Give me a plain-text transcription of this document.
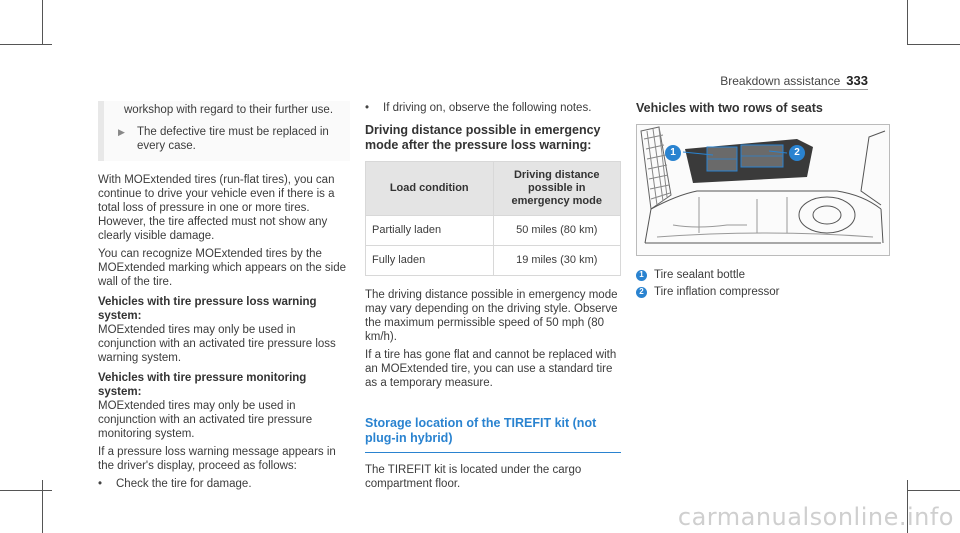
Breakdown assistance 333
workshop with regard to their further use.
▶ The defective tire must be replaced in every case.

With MOExtended tires (run-flat tires), you can continue to drive your vehicle even if there is a total loss of pressure in one or more tires. However, the tire affected must not show any clearly visible damage.

You can recognize MOExtended tires by the MOExtended marking which appears on the side wall of the tire.

Vehicles with tire pressure loss warning system:

MOExtended tires may only be used in conjunction with an activated tire pressure loss warning system.

Vehicles with tire pressure monitoring system:

MOExtended tires may only be used in conjunction with an activated tire pressure monitoring system.

If a pressure loss warning message appears in the driver's display, proceed as follows:

•	Check the tire for damage.
•	If driving on, observe the following notes.
Driving distance possible in emergency mode after the pressure loss warning:
Load condition	Driving distance possible in emergency mode
Partially laden	50 miles (80 km)
Fully laden	19 miles (30 km)

The driving distance possible in emergency mode may vary depending on the driving style. Observe the maximum permissible speed of 50 mph (80 km/h).

If a tire has gone flat and cannot be replaced with an MOExtended tire, you can use a standard tire as a temporary measure.

Storage location of the TIREFIT kit (not plug-in hybrid)

The TIREFIT kit is located under the cargo compartment floor.

Vehicles with two rows of seats
1	2
1 Tire sealant bottle
2 Tire inflation compressor
carmanualsonline.info
